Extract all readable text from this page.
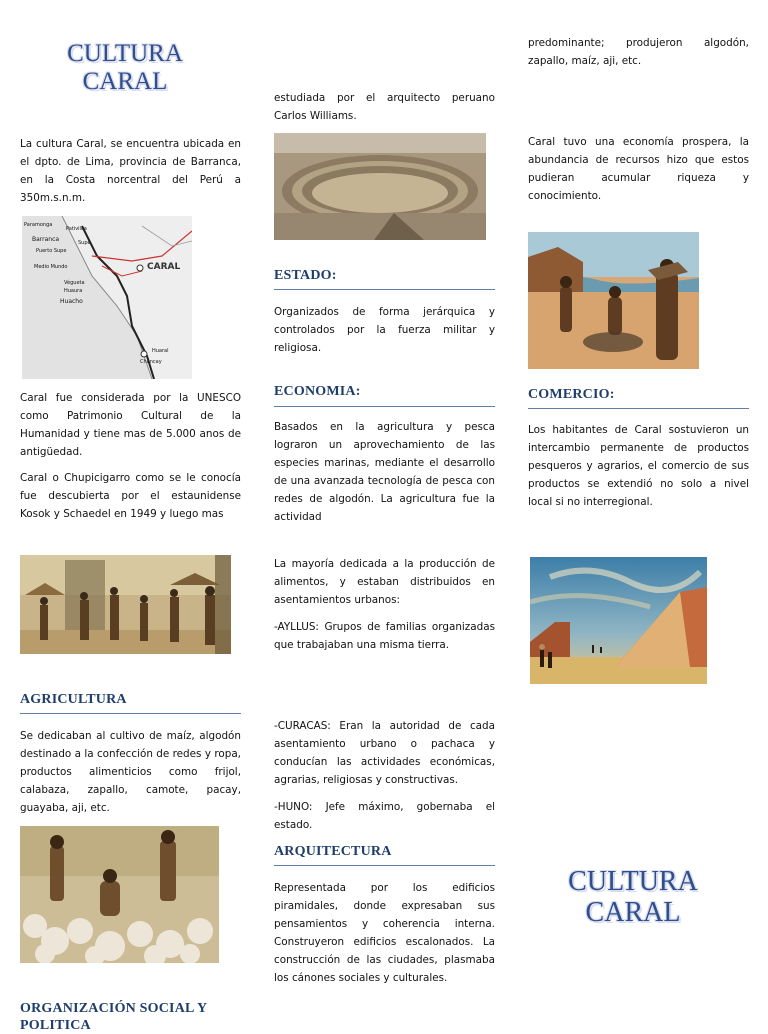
CULTURA
CARAL

La cultura Caral, se encuentra ubicada en el dpto. de Lima, provincia de Barranca, en la Costa norcentral del Perú a 350m.s.n.m.

Paramonga
Pativilca
Barranca	Supe
Puerto Supe
Medio Mundo
Végueta
Huaura
Huacho
CARAL
Huaral
Chancay

Caral fue considerada por la UNESCO como Patrimonio Cultural de la Humanidad y tiene mas de 5.000 anos de antigüedad.

Caral o Chupicigarro como se le conocía fue descubierta por el estaunidense Kosok y Schaedel en 1949 y luego mas

AGRICULTURA

Se dedicaban al cultivo de maíz, algodón destinado a la confección de redes y ropa, productos alimenticios como frijol, calabaza, zapallo, camote, pacay, guayaba, aji, etc.

ORGANIZACIÓN SOCIAL Y POLITICA

estudiada por el arquitecto peruano Carlos Williams.

ESTADO:

Organizados de forma jerárquica y controlados por la fuerza militar y religiosa.

ECONOMIA:

Basados en la agricultura y pesca lograron un aprovechamiento de las especies marinas, mediante el desarrollo de una avanzada tecnología de pesca con redes de algodón. La agricultura fue la actividad

La mayoría dedicada a la producción de alimentos, y estaban distribuidos en asentamientos urbanos:

-AYLLUS: Grupos de familias organizadas que trabajaban una misma tierra.

-CURACAS: Eran la autoridad de cada asentamiento urbano o pachaca y conducían las actividades económicas, agrarias, religiosas y constructivas.

-HUNO: Jefe máximo, gobernaba el estado.

ARQUITECTURA

Representada por los edificios piramidales, donde expresaban sus pensamientos y coherencia interna. Construyeron edificios escalonados. La construcción de las ciudades, plasmaba los cánones sociales y culturales.

predominante; produjeron algodón, zapallo, maíz, aji, etc.

Caral tuvo una economía prospera, la abundancia de recursos hizo que estos pudieran acumular riqueza y conocimiento.

COMERCIO:

Los habitantes de Caral sostuvieron un intercambio permanente de productos pesqueros y agrarios, el comercio de sus productos se extendió no solo a nivel local si no interregional.

CULTURA
CARAL
